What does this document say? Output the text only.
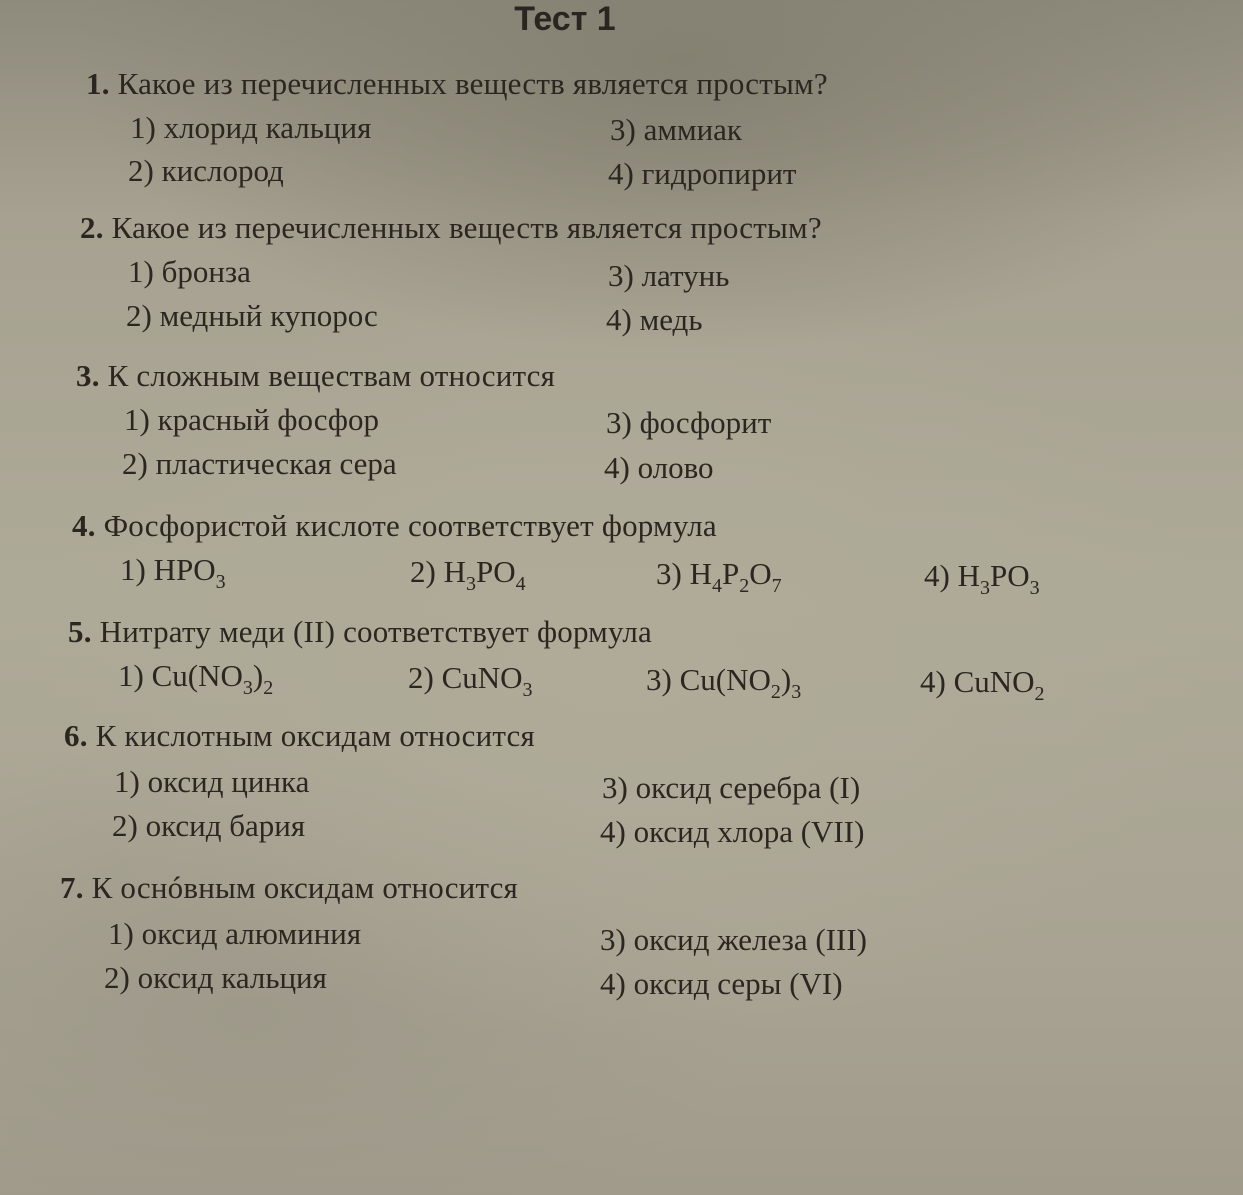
Тест 1
1. Какое из перечисленных веществ является простым?
1) хлорид кальция
2) кислород
3) аммиак
4) гидропирит
2. Какое из перечисленных веществ является простым?
1) бронза
2) медный купорос
3) латунь
4) медь
3. К сложным веществам относится
1) красный фосфор
2) пластическая сера
3) фосфорит
4) олово
4. Фосфористой кислоте соответствует формула
1) $HPO_3$	2) $H_3PO_4$	3) $H_4P_2O_7$	4) $H_3PO_3$
5. Нитрату меди (II) соответствует формула
1) $Cu(NO_3)_2$	2) CuNO$_3$	3) $Cu(NO_2)_3$	4) CuNO$_2$
6. К кислотным оксидам относится
1) оксид цинка
2) оксид бария
3) оксид серебра (I)
4) оксид хлора (VII)
7. К оснóвным оксидам относится
1) оксид алюминия
2) оксид кальция
3) оксид железа (III)
4) оксид серы (VI)
